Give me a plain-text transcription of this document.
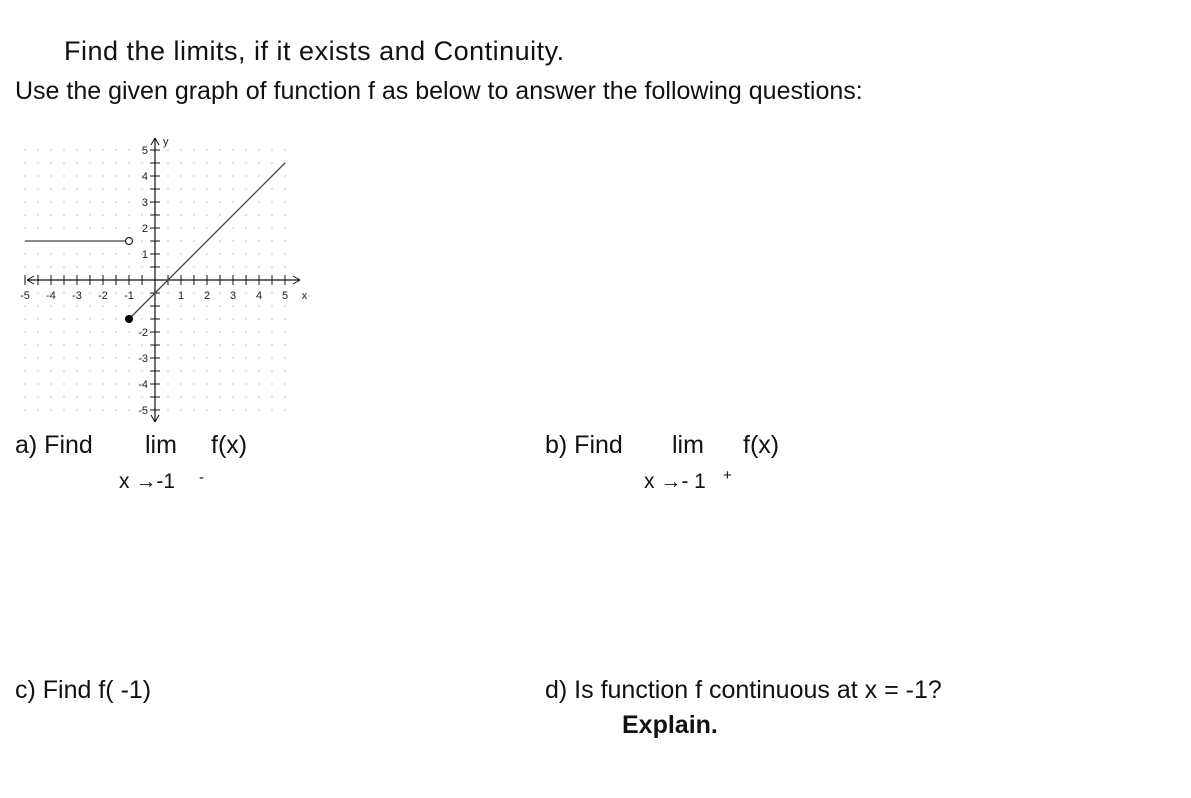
Find the limits, if it exists and Continuity.
Use the given graph of function f as below to answer the following questions:
-5 -4 -3 -2 -1	1 2 3 4 5
5
4
3
2
1
-2
-3
-4
-5
x
y
a) Find lim f(x)
x →-1 -
b) Find lim f(x)
x →- 1 +
c) Find f( -1)	d) Is function f continuous at x = -1?
Explain.
